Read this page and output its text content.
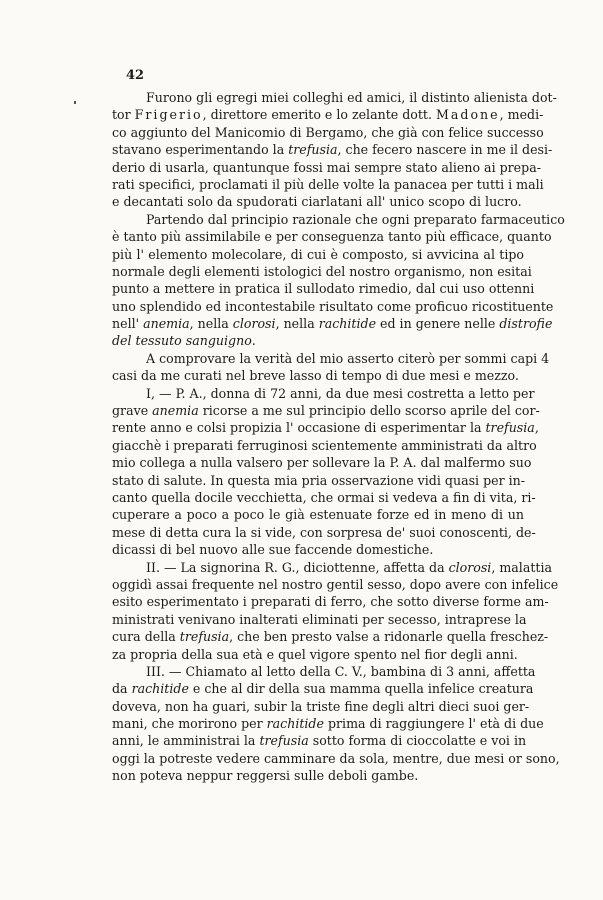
42
Furono gli egregi miei colleghi ed amici, il distinto alienista dot-
tor Frigerio, direttore emerito e lo zelante dott. Madone, medi-
co aggiunto del Manicomio di Bergamo, che già con felice successo
stavano esperimentando la trefusia, che fecero nascere in me il desi-
derio di usarla, quantunque fossi mai sempre stato alieno ai prepa-
rati specifici, proclamati il più delle volte la panacea per tutti i mali
e decantati solo da spudorati ciarlatani all' unico scopo di lucro.
Partendo dal principio razionale che ogni preparato farmaceutico
è tanto più assimilabile e per conseguenza tanto più efficace, quanto
più l' elemento molecolare, di cui è composto, si avvicina al tipo
normale degli elementi istologici del nostro organismo, non esitai
punto a mettere in pratica il sullodato rimedio, dal cui uso ottenni
uno splendido ed incontestabile risultato come proficuo ricostituente
nell' anemia, nella clorosi, nella rachitide ed in genere nelle distrofie
del tessuto sanguigno.
A comprovare la verità del mio asserto citerò per sommi capi 4
casi da me curati nel breve lasso di tempo di due mesi e mezzo.
I, — P. A., donna di 72 anni, da due mesi costretta a letto per
grave anemia ricorse a me sul principio dello scorso aprile del cor-
rente anno e colsi propizia l' occasione di esperimentar la trefusia,
giacchè i preparati ferruginosi scientemente amministrati da altro
mio collega a nulla valsero per sollevare la P. A. dal malfermo suo
stato di salute. In questa mia pria osservazione vidi quasi per in-
canto quella docile vecchietta, che ormai si vedeva a fin di vita, ri-
cuperare a poco a poco le già estenuate forze ed in meno di un
mese di detta cura la si vide, con sorpresa de' suoi conoscenti, de-
dicassi di bel nuovo alle sue faccende domestiche.
II. — La signorina R. G., diciottenne, affetta da clorosi, malattia
oggidì assai frequente nel nostro gentil sesso, dopo avere con infelice
esito esperimentato i preparati di ferro, che sotto diverse forme am-
ministrati venivano inalterati eliminati per secesso, intraprese la
cura della trefusia, che ben presto valse a ridonarle quella freschez-
za propria della sua età e quel vigore spento nel fior degli anni.
III. — Chiamato al letto della C. V., bambina di 3 anni, affetta
da rachitide e che al dir della sua mamma quella infelice creatura
doveva, non ha guari, subir la triste fine degli altri dieci suoi ger-
mani, che morirono per rachitide prima di raggiungere l' età di due
anni, le amministrai la trefusia sotto forma di cioccolatte e voi in
oggi la potreste vedere camminare da sola, mentre, due mesi or sono,
non poteva neppur reggersi sulle deboli gambe.
